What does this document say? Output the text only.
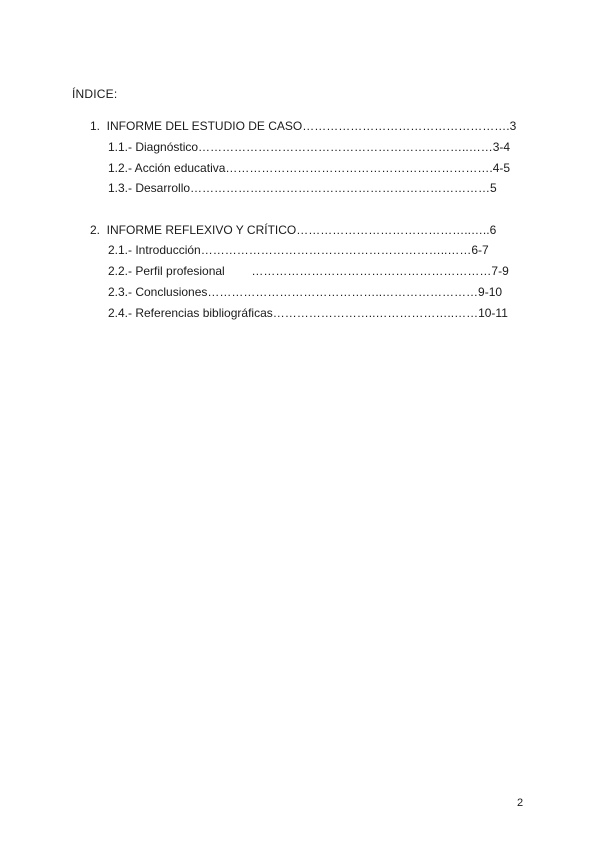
ÍNDICE:
1.  INFORME DEL ESTUDIO DE CASO…………………………………………….3
1.1.- Diagnóstico…………………………………………………………..……3-4
1.2.- Acción educativa………………………………………………………….4-5
1.3.- Desarrollo…………………………………………………………………5
2.  INFORME REFLEXIVO Y CRÍTICO……………………………………..…..6
2.1.- Introducción……………………………………………………..……6-7
2.2.- Perfil profesional        ……………………………………………………7-9
2.3.- Conclusiones……………………………………..……………………9-10
2.4.- Referencias bibliográficas……………………..………………..……10-11
2
